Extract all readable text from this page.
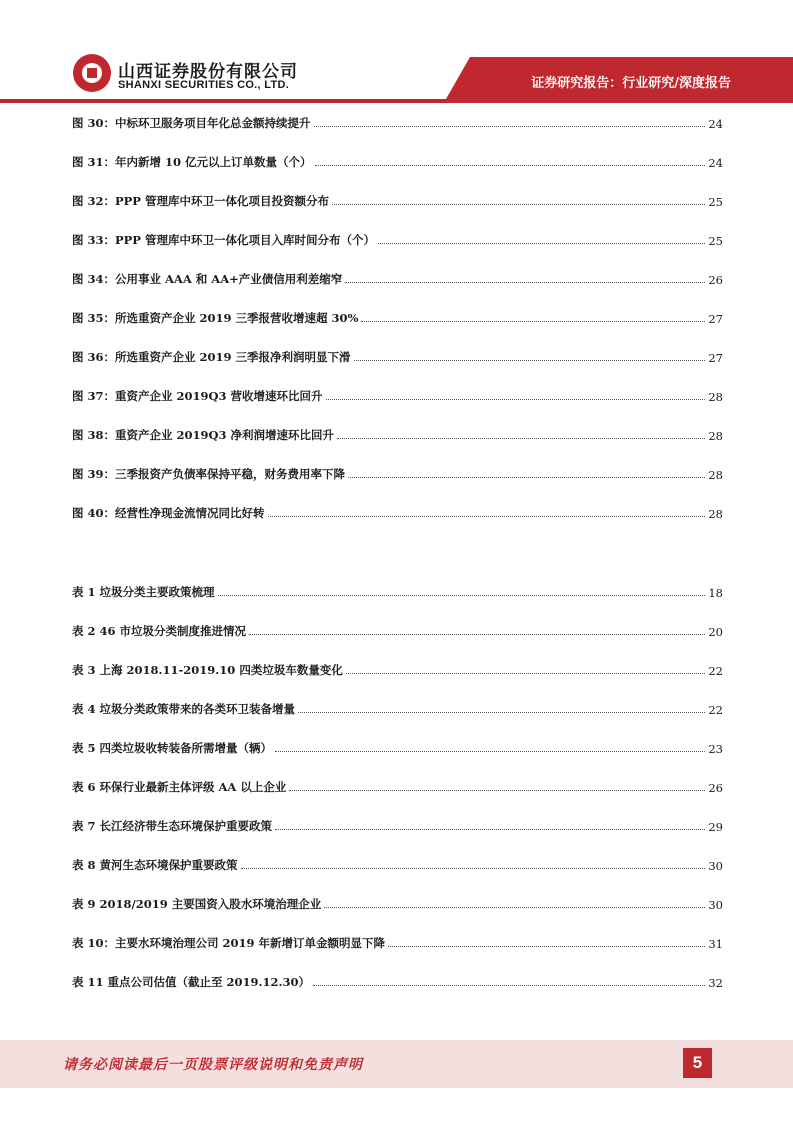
山西证券股份有限公司
SHANXI SECURITIES CO., LTD.	证券研究报告：行业研究/深度报告
图 30：中标环卫服务项目年化总金额持续提升	24
图 31：年内新增 10 亿元以上订单数量（个）	24
图 32：PPP 管理库中环卫一体化项目投资额分布	25
图 33：PPP 管理库中环卫一体化项目入库时间分布（个）	25
图 34：公用事业 AAA 和 AA+产业债信用利差缩窄	26
图 35：所选重资产企业 2019 三季报营收增速超 30%	27
图 36：所选重资产企业 2019 三季报净利润明显下滑	27
图 37：重资产企业 2019Q3 营收增速环比回升	28
图 38：重资产企业 2019Q3 净利润增速环比回升	28
图 39：三季报资产负债率保持平稳，财务费用率下降	28
图 40：经营性净现金流情况同比好转	28
表 1 垃圾分类主要政策梳理	18
表 2 46 市垃圾分类制度推进情况	20
表 3 上海 2018.11-2019.10 四类垃圾车数量变化	22
表 4 垃圾分类政策带来的各类环卫装备增量	22
表 5 四类垃圾收转装备所需增量（辆）	23
表 6 环保行业最新主体评级 AA 以上企业	26
表 7 长江经济带生态环境保护重要政策	29
表 8 黄河生态环境保护重要政策	30
表 9 2018/2019 主要国资入股水环境治理企业	30
表 10：主要水环境治理公司 2019 年新增订单金额明显下降	31
表 11 重点公司估值（截止至 2019.12.30）	32
请务必阅读最后一页股票评级说明和免责声明	5
